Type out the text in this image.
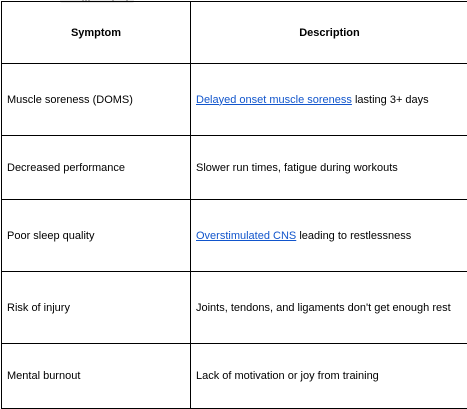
Symptom	Description
Muscle soreness (DOMS)	Delayed onset muscle soreness lasting 3+ days
Decreased performance	Slower run times, fatigue during workouts
Poor sleep quality	Overstimulated CNS leading to restlessness
Risk of injury	Joints, tendons, and ligaments don't get enough rest
Mental burnout	Lack of motivation or joy from training
